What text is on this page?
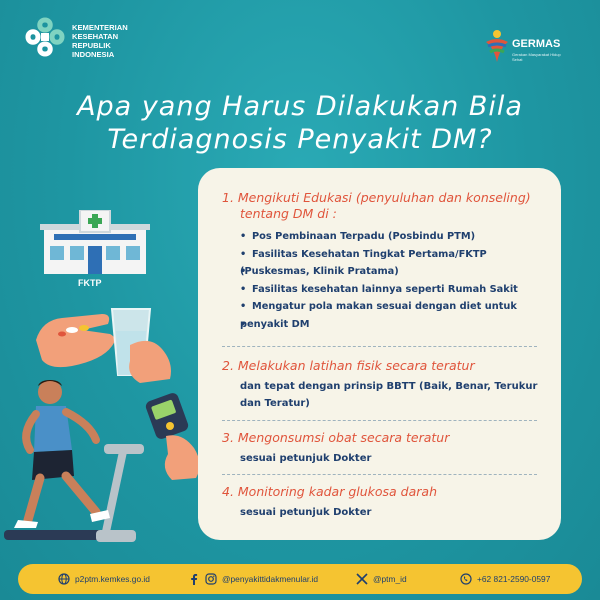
KEMENTERIAN
KESEHATAN
REPUBLIK
INDONESIA
GERMAS
Gerakan Masyarakat Hidup Sehat
Apa yang Harus Dilakukan Bila
Terdiagnosis Penyakit DM?
FKTP
1. Mengikuti Edukasi (penyuluhan dan konseling)
tentang DM di :
• Pos Pembinaan Terpadu (Posbindu PTM)
• Fasilitas Kesehatan Tingkat Pertama/FKTP
• (Puskesmas, Klinik Pratama)
• Fasilitas kesehatan lainnya seperti Rumah Sakit
• Mengatur pola makan sesuai dengan diet untuk
• penyakit DM
2. Melakukan latihan fisik secara teratur
dan tepat dengan prinsip BBTT (Baik, Benar, Terukur
dan Teratur)
3. Mengonsumsi obat secara teratur
sesuai petunjuk Dokter
4. Monitoring kadar glukosa darah
sesuai petunjuk Dokter
p2ptm.kemkes.go.id	@penyakittidakmenular.id	@ptm_id	+62 821-2590-0597
